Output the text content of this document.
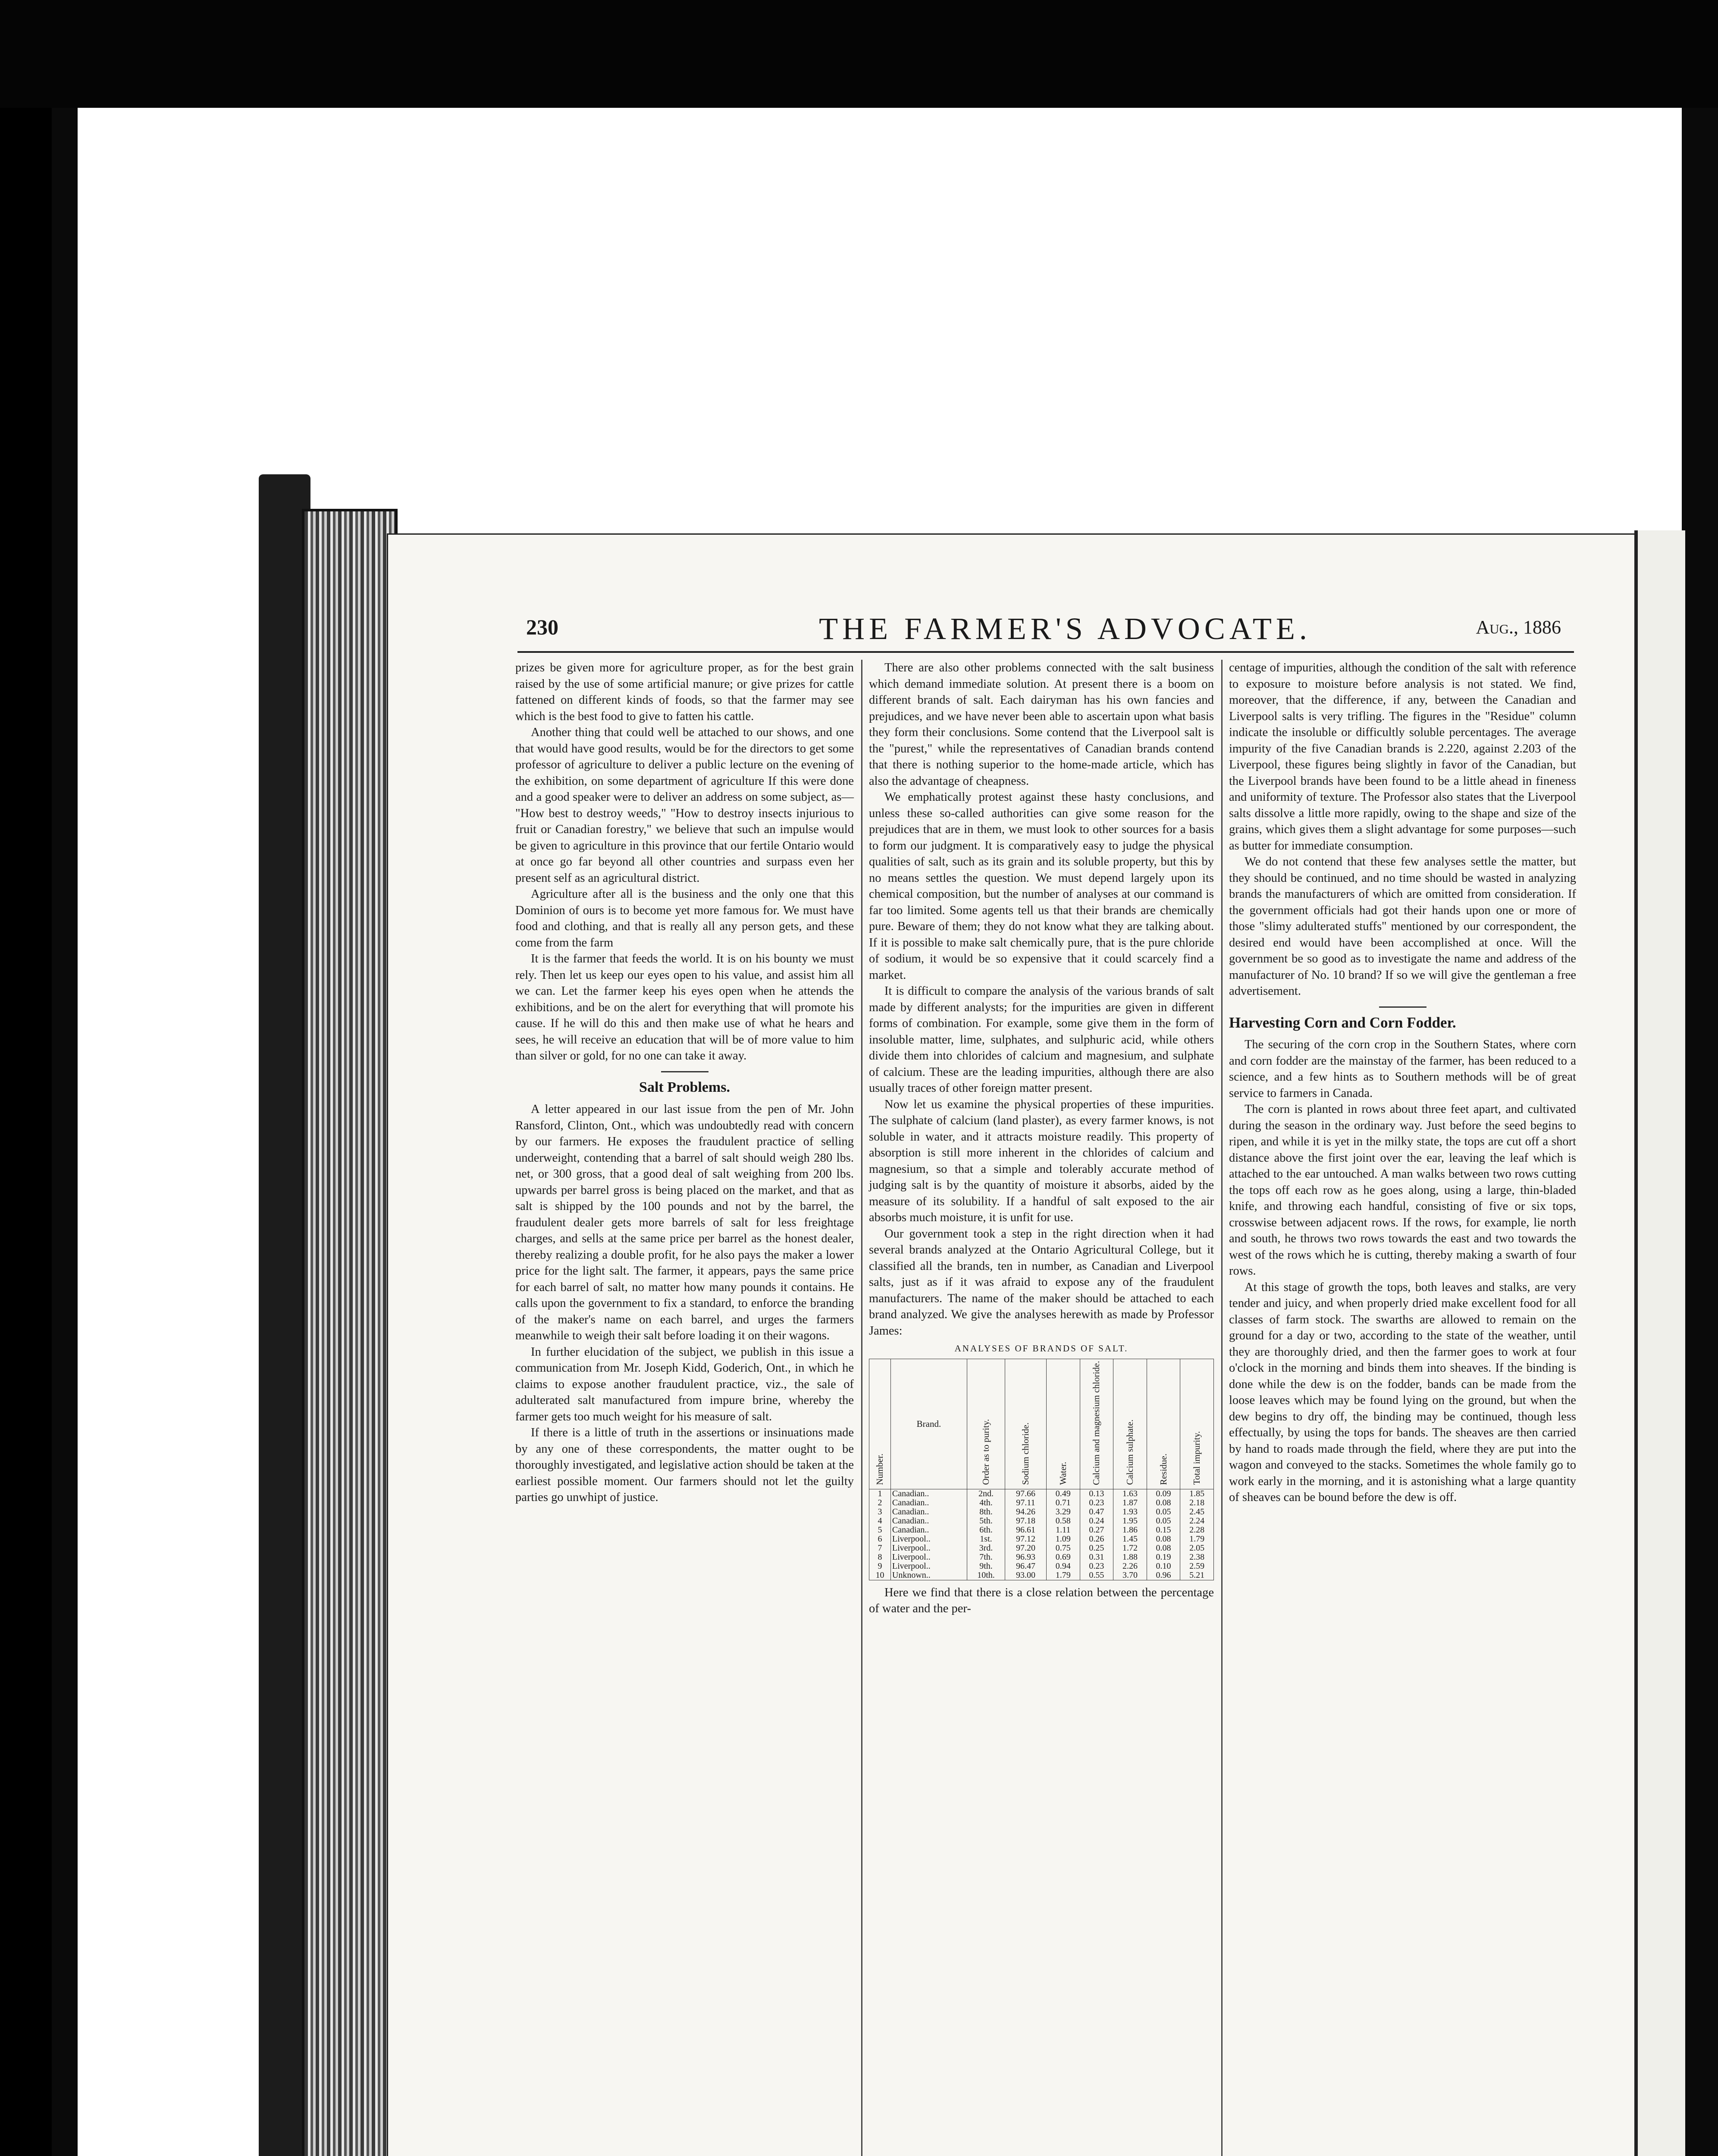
230	THE FARMER'S ADVOCATE.	Aug., 1886

prizes be given more for agriculture proper, as for the best grain raised by the use of some artificial manure; or give prizes for cattle fattened on different kinds of foods, so that the farmer may see which is the best food to give to fatten his cattle.

Another thing that could well be attached to our shows, and one that would have good results, would be for the directors to get some professor of agriculture to deliver a public lecture on the evening of the exhibition, on some department of agriculture If this were done and a good speaker were to deliver an address on some subject, as— "How best to destroy weeds," "How to destroy insects injurious to fruit or Canadian forestry," we believe that such an impulse would be given to agriculture in this province that our fertile Ontario would at once go far beyond all other countries and surpass even her present self as an agricultural district.

Agriculture after all is the business and the only one that this Dominion of ours is to become yet more famous for. We must have food and clothing, and that is really all any person gets, and these come from the farm

It is the farmer that feeds the world. It is on his bounty we must rely. Then let us keep our eyes open to his value, and assist him all we can. Let the farmer keep his eyes open when he attends the exhibitions, and be on the alert for everything that will promote his cause. If he will do this and then make use of what he hears and sees, he will receive an education that will be of more value to him than silver or gold, for no one can take it away.

Salt Problems.

A letter appeared in our last issue from the pen of Mr. John Ransford, Clinton, Ont., which was undoubtedly read with concern by our farmers. He exposes the fraudulent practice of selling underweight, contending that a barrel of salt should weigh 280 lbs. net, or 300 gross, that a good deal of salt weighing from 200 lbs. upwards per barrel gross is being placed on the market, and that as salt is shipped by the 100 pounds and not by the barrel, the fraudulent dealer gets more barrels of salt for less freightage charges, and sells at the same price per barrel as the honest dealer, thereby realizing a double profit, for he also pays the maker a lower price for the light salt. The farmer, it appears, pays the same price for each barrel of salt, no matter how many pounds it contains. He calls upon the government to fix a standard, to enforce the branding of the maker's name on each barrel, and urges the farmers meanwhile to weigh their salt before loading it on their wagons.

In further elucidation of the subject, we publish in this issue a communication from Mr. Joseph Kidd, Goderich, Ont., in which he claims to expose another fraudulent practice, viz., the sale of adulterated salt manufactured from impure brine, whereby the farmer gets too much weight for his measure of salt.

If there is a little of truth in the assertions or insinuations made by any one of these correspondents, the matter ought to be thoroughly investigated, and legislative action should be taken at the earliest possible moment. Our farmers should not let the guilty parties go unwhipt of justice.

There are also other problems connected with the salt business which demand immediate solution. At present there is a boom on different brands of salt. Each dairyman has his own fancies and prejudices, and we have never been able to ascertain upon what basis they form their conclusions. Some contend that the Liverpool salt is the "purest," while the representatives of Canadian brands contend that there is nothing superior to the home-made article, which has also the advantage of cheapness.

We emphatically protest against these hasty conclusions, and unless these so-called authorities can give some reason for the prejudices that are in them, we must look to other sources for a basis to form our judgment. It is comparatively easy to judge the physical qualities of salt, such as its grain and its soluble property, but this by no means settles the question. We must depend largely upon its chemical composition, but the number of analyses at our command is far too limited. Some agents tell us that their brands are chemically pure. Beware of them; they do not know what they are talking about. If it is possible to make salt chemically pure, that is the pure chloride of sodium, it would be so expensive that it could scarcely find a market.

It is difficult to compare the analysis of the various brands of salt made by different analysts; for the impurities are given in different forms of combination. For example, some give them in the form of insoluble matter, lime, sulphates, and sulphuric acid, while others divide them into chlorides of calcium and magnesium, and sulphate of calcium. These are the leading impurities, although there are also usually traces of other foreign matter present.

Now let us examine the physical properties of these impurities. The sulphate of calcium (land plaster), as every farmer knows, is not soluble in water, and it attracts moisture readily. This property of absorption is still more inherent in the chlorides of calcium and magnesium, so that a simple and tolerably accurate method of judging salt is by the quantity of moisture it absorbs, aided by the measure of its solubility. If a handful of salt exposed to the air absorbs much moisture, it is unfit for use.

Our government took a step in the right direction when it had several brands analyzed at the Ontario Agricultural College, but it classified all the brands, ten in number, as Canadian and Liverpool salts, just as if it was afraid to expose any of the fraudulent manufacturers. The name of the maker should be attached to each brand analyzed. We give the analyses herewith as made by Professor James:

ANALYSES OF BRANDS OF SALT.
Number.	Brand.	Order as to purity.	Sodium chloride.	Water.	Calcium and magnesium chloride.	Calcium sulphate.	Residue.	Total impurity.
1	Canadian..	2nd.	97.66	0.49	0.13	1.63	0.09	1.85
2	Canadian..	4th.	97.11	0.71	0.23	1.87	0.08	2.18
3	Canadian..	8th.	94.26	3.29	0.47	1.93	0.05	2.45
4	Canadian..	5th.	97.18	0.58	0.24	1.95	0.05	2.24
5	Canadian..	6th.	96.61	1.11	0.27	1.86	0.15	2.28
6	Liverpool..	1st.	97.12	1.09	0.26	1.45	0.08	1.79
7	Liverpool..	3rd.	97.20	0.75	0.25	1.72	0.08	2.05
8	Liverpool..	7th.	96.93	0.69	0.31	1.88	0.19	2.38
9	Liverpool..	9th.	96.47	0.94	0.23	2.26	0.10	2.59
10	Unknown..	10th.	93.00	1.79	0.55	3.70	0.96	5.21

Here we find that there is a close relation between the percentage of water and the per-

centage of impurities, although the condition of the salt with reference to exposure to moisture before analysis is not stated. We find, moreover, that the difference, if any, between the Canadian and Liverpool salts is very trifling. The figures in the "Residue" column indicate the insoluble or difficultly soluble percentages. The average impurity of the five Canadian brands is 2.220, against 2.203 of the Liverpool, these figures being slightly in favor of the Canadian, but the Liverpool brands have been found to be a little ahead in fineness and uniformity of texture. The Professor also states that the Liverpool salts dissolve a little more rapidly, owing to the shape and size of the grains, which gives them a slight advantage for some purposes—such as butter for immediate consumption.

We do not contend that these few analyses settle the matter, but they should be continued, and no time should be wasted in analyzing brands the manufacturers of which are omitted from consideration. If the government officials had got their hands upon one or more of those "slimy adulterated stuffs" mentioned by our correspondent, the desired end would have been accomplished at once. Will the government be so good as to investigate the name and address of the manufacturer of No. 10 brand? If so we will give the gentleman a free advertisement.

Harvesting Corn and Corn Fodder.

The securing of the corn crop in the Southern States, where corn and corn fodder are the mainstay of the farmer, has been reduced to a science, and a few hints as to Southern methods will be of great service to farmers in Canada.

The corn is planted in rows about three feet apart, and cultivated during the season in the ordinary way. Just before the seed begins to ripen, and while it is yet in the milky state, the tops are cut off a short distance above the first joint over the ear, leaving the leaf which is attached to the ear untouched. A man walks between two rows cutting the tops off each row as he goes along, using a large, thin-bladed knife, and throwing each handful, consisting of five or six tops, crosswise between adjacent rows. If the rows, for example, lie north and south, he throws two rows towards the east and two towards the west of the rows which he is cutting, thereby making a swarth of four rows.

At this stage of growth the tops, both leaves and stalks, are very tender and juicy, and when properly dried make excellent food for all classes of farm stock. The swarths are allowed to remain on the ground for a day or two, according to the state of the weather, until they are thoroughly dried, and then the farmer goes to work at four o'clock in the morning and binds them into sheaves. If the binding is done while the dew is on the fodder, bands can be made from the loose leaves which may be found lying on the ground, but when the dew begins to dry off, the binding may be continued, though less effectually, by using the tops for bands. The sheaves are then carried by hand to roads made through the field, where they are put into the wagon and conveyed to the stacks. Sometimes the whole family go to work early in the morning, and it is astonishing what a large quantity of sheaves can be bound before the dew is off.
